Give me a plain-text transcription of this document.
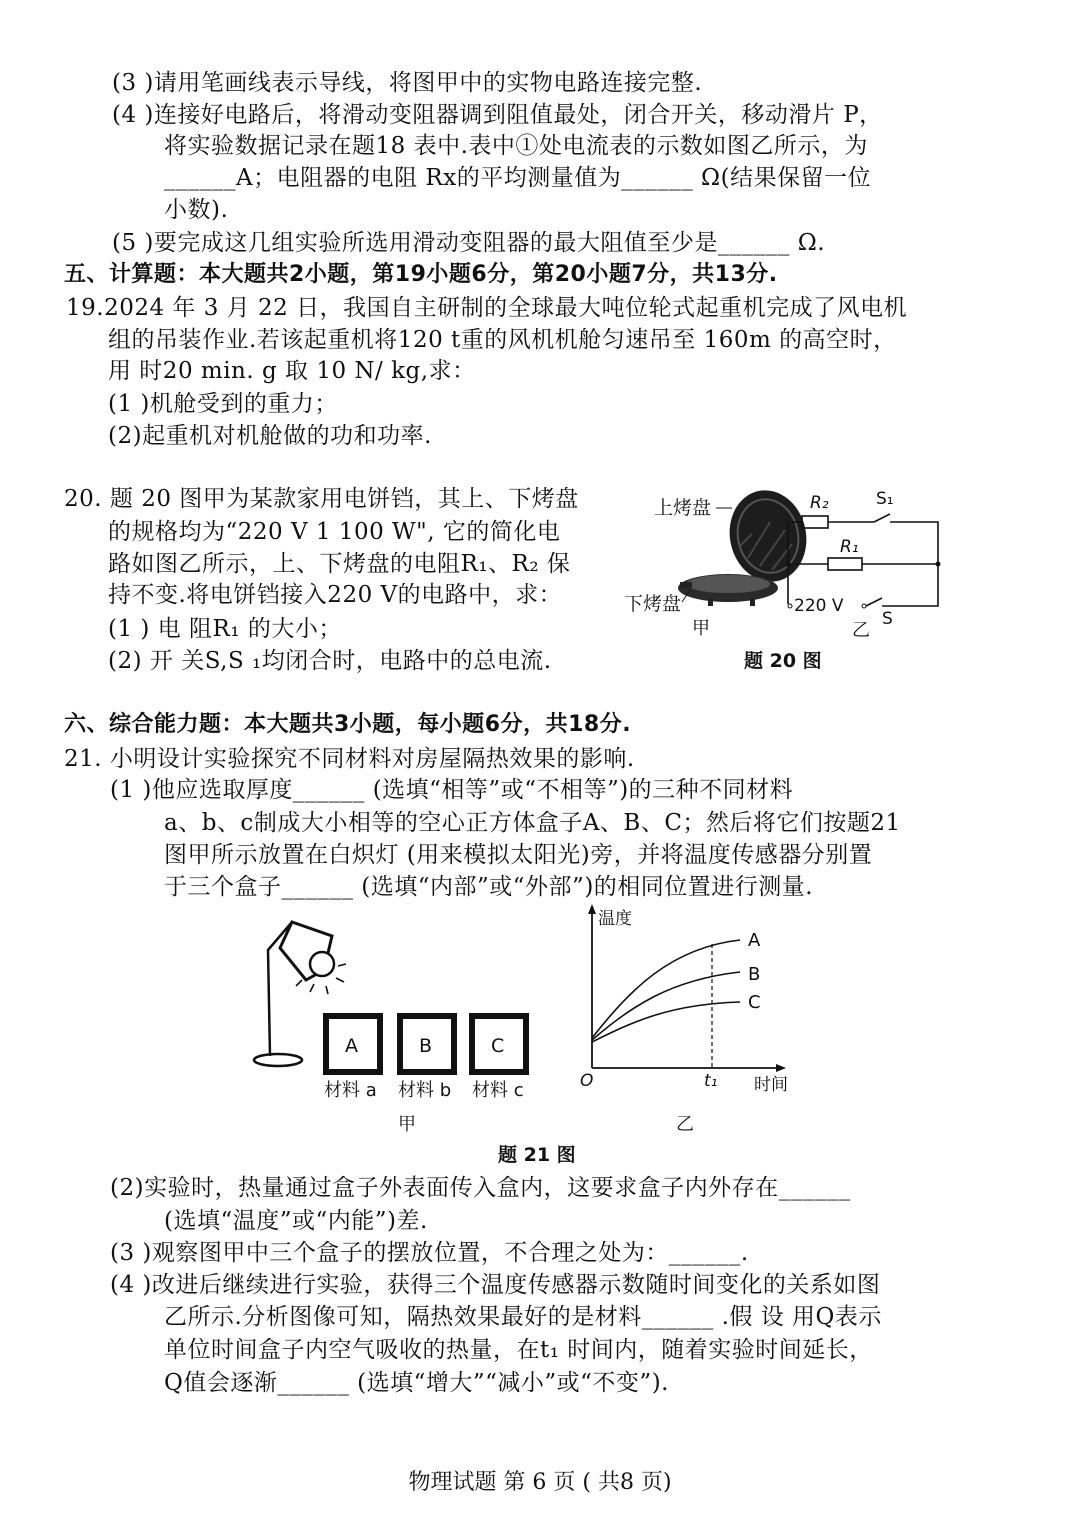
(3 )请用笔画线表示导线，将图甲中的实物电路连接完整.
(4 )连接好电路后，将滑动变阻器调到阻值最处，闭合开关，移动滑片 P，
将实验数据记录在题18 表中.表中①处电流表的示数如图乙所示，为
______A；电阻器的电阻 Rx的平均测量值为______ Ω(结果保留一位
小数).
(5 )要完成这几组实验所选用滑动变阻器的最大阻值至少是______ Ω.
五、计算题：本大题共2小题，第19小题6分，第20小题7分，共13分.
19.2024 年 3 月 22 日，我国自主研制的全球最大吨位轮式起重机完成了风电机
组的吊装作业.若该起重机将120 t重的风机机舱匀速吊至 160m 的高空时，
用 时20 min. g 取 10 N/ kg,求：
(1 )机舱受到的重力；
(2)起重机对机舱做的功和功率.
20. 题 20 图甲为某款家用电饼铛，其上、下烤盘
的规格均为“220 V 1 100 W", 它的简化电
路如图乙所示，上、下烤盘的电阻R₁、R₂ 保
持不变.将电饼铛接入220 V的电路中，求：
(1 ) 电 阻R₁ 的大小；
(2) 开 关S,S ₁均闭合时，电路中的总电流.
上烤盘
下烤盘
甲
R₂	S₁
R₁
220 V
S
乙
题 20 图
六、综合能力题：本大题共3小题，每小题6分，共18分.
21. 小明设计实验探究不同材料对房屋隔热效果的影响.
(1 )他应选取厚度______ (选填“相等”或“不相等”)的三种不同材料
a、b、c制成大小相等的空心正方体盒子A、B、C；然后将它们按题21
图甲所示放置在白炽灯 (用来模拟太阳光)旁，并将温度传感器分别置
于三个盒子______ (选填“内部”或“外部”)的相同位置进行测量.
A	B	C
材料 a 材料 b 材料 c
甲
温度
O	t₁ 时间
A
B
C
乙
题 21 图
(2)实验时，热量通过盒子外表面传入盒内，这要求盒子内外存在______
(选填“温度”或“内能”)差.
(3 )观察图甲中三个盒子的摆放位置，不合理之处为：______.
(4 )改进后继续进行实验，获得三个温度传感器示数随时间变化的关系如图
乙所示.分析图像可知，隔热效果最好的是材料______ .假 设 用Q表示
单位时间盒子内空气吸收的热量，在t₁ 时间内，随着实验时间延长，
Q值会逐渐______ (选填“增大”“减小”或“不变”).
物理试题 第 6 页 ( 共8 页)
